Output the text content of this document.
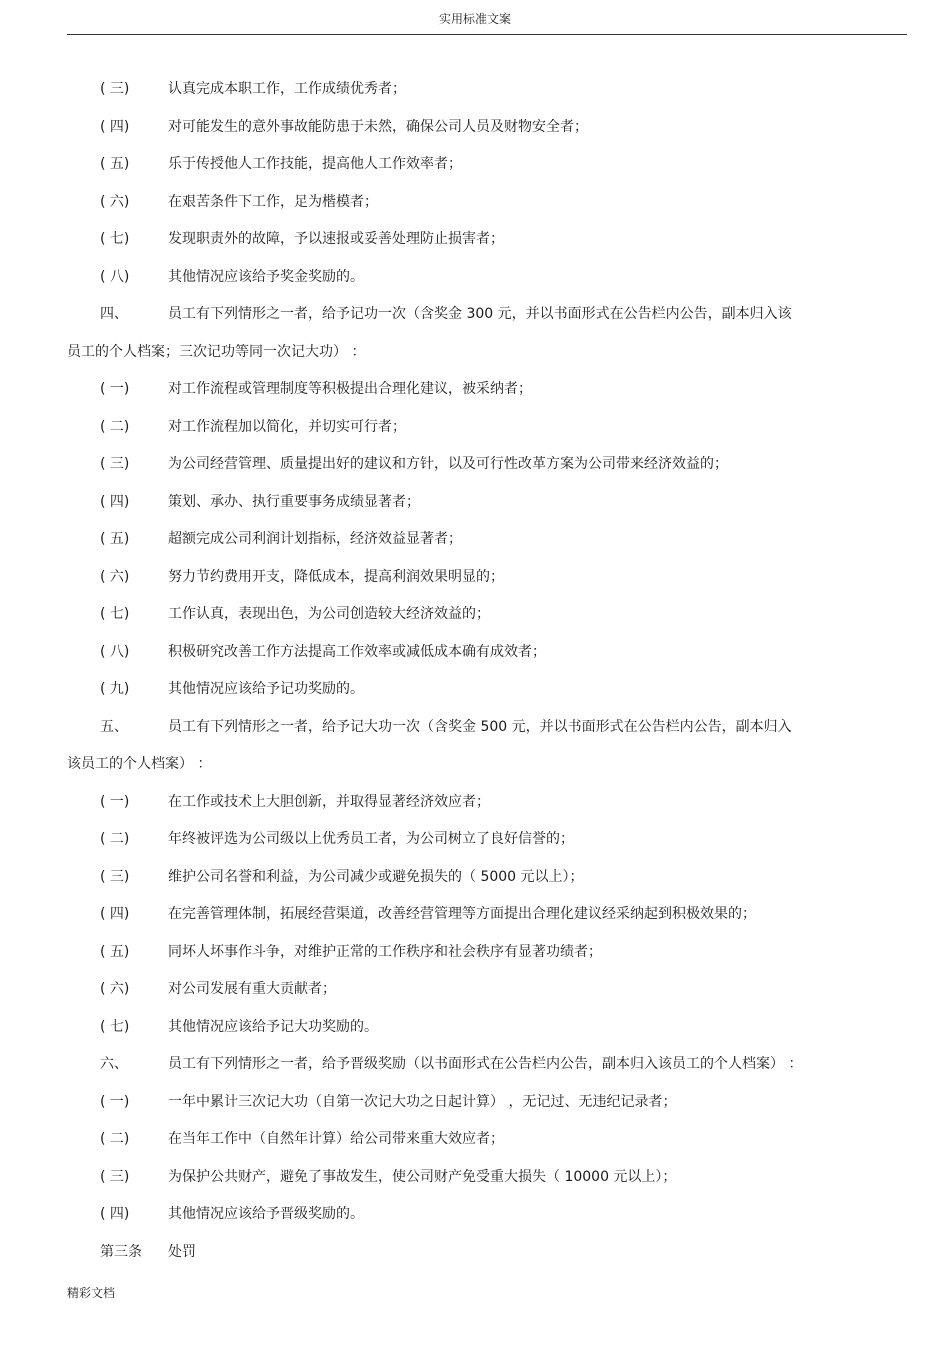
实用标准文案
( 三)	认真完成本职工作，工作成绩优秀者；
( 四)	对可能发生的意外事故能防患于未然，确保公司人员及财物安全者；
( 五)	乐于传授他人工作技能，提高他人工作效率者；
( 六)	在艰苦条件下工作，足为楷模者；
( 七)	发现职责外的故障，予以速报或妥善处理防止损害者；
( 八)	其他情况应该给予奖金奖励的。
四、	员工有下列情形之一者，给予记功一次（含奖金 300 元，并以书面形式在公告栏内公告，副本归入该
员工的个人档案；三次记功等同一次记大功） ：
( 一)	对工作流程或管理制度等积极提出合理化建议，被采纳者；
( 二)	对工作流程加以简化，并切实可行者；
( 三)	为公司经营管理、质量提出好的建议和方针，以及可行性改革方案为公司带来经济效益的；
( 四)	策划、承办、执行重要事务成绩显著者；
( 五)	超额完成公司利润计划指标，经济效益显著者；
( 六)	努力节约费用开支，降低成本，提高利润效果明显的；
( 七)	工作认真，表现出色，为公司创造较大经济效益的；
( 八)	积极研究改善工作方法提高工作效率或减低成本确有成效者；
( 九)	其他情况应该给予记功奖励的。
五、	员工有下列情形之一者，给予记大功一次（含奖金 500 元，并以书面形式在公告栏内公告，副本归入
该员工的个人档案） ：
( 一)	在工作或技术上大胆创新，并取得显著经济效应者；
( 二)	年终被评选为公司级以上优秀员工者，为公司树立了良好信誉的；
( 三)	维护公司名誉和利益，为公司减少或避免损失的（ 5000 元以上）；
( 四)	在完善管理体制，拓展经营渠道，改善经营管理等方面提出合理化建议经采纳起到积极效果的；
( 五)	同坏人坏事作斗争，对维护正常的工作秩序和社会秩序有显著功绩者；
( 六)	对公司发展有重大贡献者；
( 七)	其他情况应该给予记大功奖励的。
六、	员工有下列情形之一者，给予晋级奖励（以书面形式在公告栏内公告，副本归入该员工的个人档案） ：
( 一)	一年中累计三次记大功（自第一次记大功之日起计算） ，无记过、无违纪记录者；
( 二)	在当年工作中（自然年计算）给公司带来重大效应者；
( 三)	为保护公共财产，避免了事故发生，使公司财产免受重大损失（ 10000 元以上）；
( 四)	其他情况应该给予晋级奖励的。
第三条 处罚
精彩文档
